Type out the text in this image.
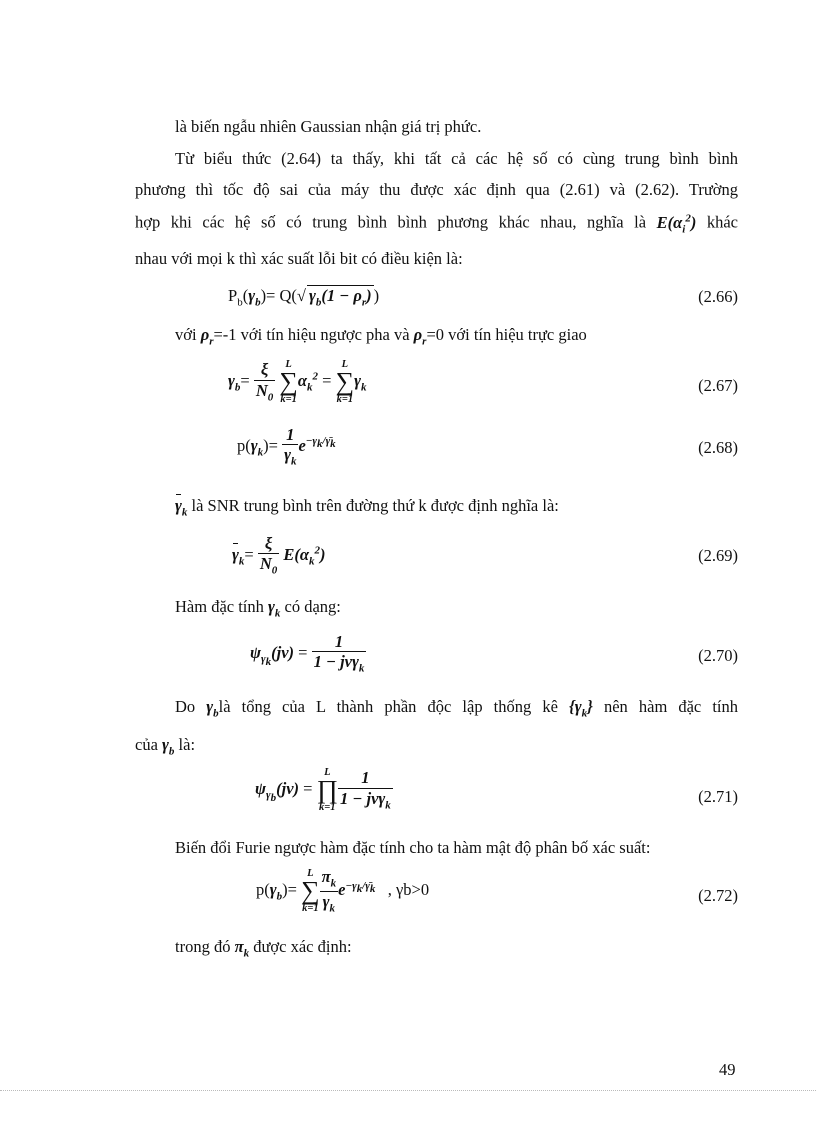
là biến ngẫu nhiên Gaussian nhận giá trị phức.
Từ biểu thức (2.64) ta thấy, khi tất cả các hệ số có cùng trung bình bình
phương thì tốc độ sai của máy thu được xác định qua (2.61) và (2.62). Trường
hợp khi các hệ số có trung bình bình phương khác nhau, nghĩa là $E(\alpha_i^2)$ khác
nhau với mọi k thì xác suất lỗi bit có điều kiện là:
$P_b(\gamma_b)= Q(√$ $\gamma_b(1 - \rho_r)$ )	(2.66)
với $\rho_r=-1$ với tín hiệu ngược pha và $\rho_r=0$ với tín hiệu trực giao
$\gamma_b= \frac{\xi}{N_0}$
L
∑
k=1
$\alpha_k^2$ =
L
∑
k=1
$\gamma_k$	(2.67)
$p(\gamma_k)= \frac{1}{\gamma_k} e^{-\gamma_k/\gammā_k}$	(2.68)
$\gamma_k$ là SNR trung bình trên đường thứ k được định nghĩa là:
$\gamma_k= \frac{\xi}{N_0} E(\alpha_k^2)$	(2.69)
Hàm đặc tính $\gamma_k$ có dạng:
$\psi_{\gamma_k}(jv) = \frac{1}{1 - jv\gamma_k}$	(2.70)
Do $\gamma_blà$ tổng của L thành phần độc lập thống kê $\{\gamma_k\}$ nên hàm đặc tính
của $\gamma_b$ là:
$\psi_{\gamma_b}(jv)$ =
L
∏
$k=1 \frac{1}{1 - jv\gamma_k}$	(2.71)
Biến đổi Furie ngược hàm đặc tính cho ta hàm mật độ phân bố xác suất:
$p(\gamma_b)=$
L
∑
$k=1 \frac{\pi_k}{\gamma_k} e^{-\gamma_k/\gammā_k}$ , γb>0	(2.72)
trong đó $\pi_k$ được xác định:
49
